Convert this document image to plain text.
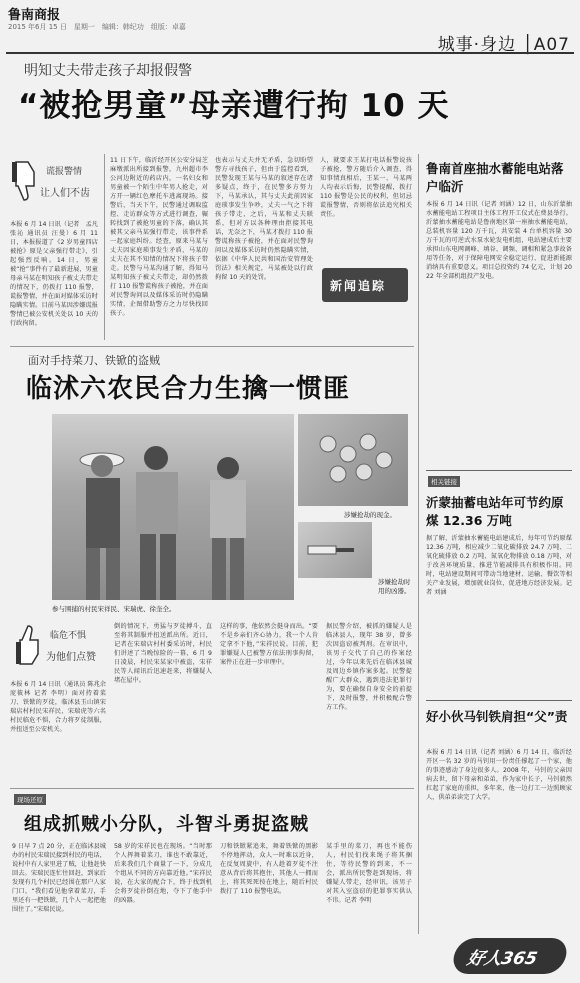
鲁南商报
2015 年6月 15 日　星期一　编辑：韩纪功　组版：卓嘉
城事·身边 │A07
明知丈夫带走孩子却报假警
“被抢男童”母亲遭行拘 10 天
谎报警情
让人们不齿
本报 6 月 14 日讯（记者　孟凡　张沁 通讯员 汪曼）6 月 11 日，本报报道了《2 岁男童四店被抢》原是父亲强行带走》，引起强烈反响。14 日，男童被“抢”事件有了最新进展，男童母亲马某在明知孩子被丈夫带走的情况下，仍拨打 110 报警，谎报警情，并在面对媒体采访时隐瞒实情。目前马某因涉嫌谎报警情已被公安机关处以 10 天的行政拘留。
11 日下午，临沂经开区公安分局芝麻墩派出所接到报警，九州超市李公河边附近的药店内，一名妇女和男童被一个陌生中年男人抢走，对方开一辆红色摩托车逃离现场。接警后，当天下午，民警通过调取监控、走访群众等方式进行调查，辗转找到了被抢男童的下落，确认其被其父亲马某强行带走，该事件系一起家庭纠纷。经查，原来马某与丈夫因家庭琐事发生矛盾，马某的丈夫在其不知情的情况下将孩子带走。民警与马某沟通了解，得知马某明知孩子被丈夫带走，却仍然拨打 110 报警谎称孩子被抢，并在面对民警询问以及媒体采访时仍隐瞒实情，企图借助警方之力尽快找回孩子。
也表示与丈夫并无矛盾，急切盼望警方寻找孩子，但由于监控看到，民警发现王某与马某的叙述存在诸多疑点，终于，在民警多方努力下，马某承认，其与丈夫此前因家庭琐事发生争吵，丈夫一气之下将孩子带走，之后，马某和丈夫联系，但对方以各种理由拒接其电话，无奈之下，马某才拨打 110 报警谎称孩子被抢，并在面对民警询问以及媒体采访时仍然隐瞒实情，依据《中华人民共和国治安管理处罚法》相关规定，马某被处以行政拘留 10 天的处罚。
人，就要求王某打电话报警说孩子被抢，警方随后介入调查，得知事情真相后，王某一、马某两人均表示后悔，民警提醒，拨打 110 报警是公民的权利，但切忌谎报警情，否则将依法追究相关责任。
新闻追踪
面对手持菜刀、铁锨的盗贼
临沭六农民合力生擒一惯匪
参与围捕的村民宋祥民、宋瑞虎、徐奎全。
涉嫌抢劫的现金。
涉嫌抢劫时用的凶器。
临危不惧
为他们点赞
本报 6 月 14 日讯（通讯员 陈兆余 庞筱林 记者 李明）面对持着菜刀、铁锨的歹徒，临沭县玉山镇宋瑞店村村民宋祥民、宋瑞虎等六名村民临危不惧，合力将歹徒制服，并扭送至公安机关。
倒的情况下，勇猛与歹徒搏斗，直至将其制服并扭送派出所。近日，记者在宋瑞店村村委采访时，村民们讲述了当晚惊险的一幕，6 月 9 日凌晨，村民宋某家中被盗，宋祥民等人闻讯后迅速赶来，将嫌疑人堵在屋中。
这样的事，他依然会挺身而出。“要不是乡亲们齐心协力，我一个人肯定拿不下他，”宋祥民说。目前，犯罪嫌疑人已被警方依法刑事拘留，案件正在进一步审理中。
据民警介绍，被抓的嫌疑人是临沭县人，现年 38 岁，曾多次因盗窃被判刑。在审讯中，该男子交代了自己的作案经过，今年以来先后在临沭县城及周边乡镇作案多起。民警提醒广大群众，遇到违法犯罪行为，要在确保自身安全的前提下，及时报警，并积极配合警方工作。
现场还原
组成抓贼小分队，斗智斗勇捉盗贼
9 日早 7 点 20 分，正在临沭县城办的村民宋瑞民接到村民的电话，说村中有人家里进了贼，让他赶快回去。宋瑞民连忙往回赶，到家后发现有几个村民已经围在那户人家门口，“我们看见他拿着菜刀，手里还有一把铁锨，几个人一起把他围住了。”宋瑞民说。
58 岁的宋祥民也在现场。“当时那个人挥舞着菜刀，谁也不敢靠近，后来我们几个商量了一下，分成几个组从不同的方向靠近他。”宋祥民说，在大家的配合下，终于找到机会将歹徒扑倒在地，夺下了他手中的凶器。
刀和铁锨紧追来，舞着铁锨的黑影不停地挥动，众人一时难以近身，在反复周旋中，有人趁着歹徒不注意从背后将其抱住，其他人一拥而上，将其死死按在地上，随后村民拨打了 110 报警电话。
某手里的菜刀，再也不能伤人，村民们找来绳子将其捆住，等待民警的到来，不一会，派出所民警赶到现场，将嫌疑人带走，经审讯，该男子对其入室盗窃的犯罪事实供认不讳。记者 李明
鲁南首座抽水蓄能电站落户临沂
本报 6 月 14 日讯（记者 刘涵）12 日，山东沂蒙抽水蓄能电站工程项目主体工程开工仪式在费县举行。沂蒙抽水蓄能电站是鲁南地区第一座抽水蓄能电站，总装机容量 120 万千瓦，共安装 4 台单机容量 30 万千瓦的可逆式水泵水轮发电机组，电站建成后主要承担山东电网调峰、填谷、调频、调相和紧急事故备用等任务，对于保障电网安全稳定运行、促进新能源消纳具有重要意义。项目总投资约 74 亿元，计划 2022 年全部机组投产发电。
相关链接
沂蒙抽蓄电站年可节约原煤 12.36 万吨
据了解，沂蒙抽水蓄能电站建成后，每年可节约原煤 12.36 万吨，相应减少二氧化碳排放 24.7 万吨、二氧化硫排放 0.2 万吨、氮氧化物排放 0.18 万吨，对于改善环境质量、推进节能减排具有积极作用。同时，电站建设期间可带动当地建材、运输、餐饮等相关产业发展，增加就业岗位，促进地方经济发展。记者 刘涵
好小伙马钊铁肩担“父”责
本报 6 月 14 日讯（记者 刘涵）6 月 14 日，临沂经开区一名 32 岁的马钊用一份责任撑起了一个家，他的事迹感动了身边很多人。2008 年，马钊的父亲因病去世，留下母亲和弟弟，作为家中长子，马钊毅然扛起了家庭的重担，多年来，他一边打工一边照顾家人，供弟弟读完了大学。
好人365
